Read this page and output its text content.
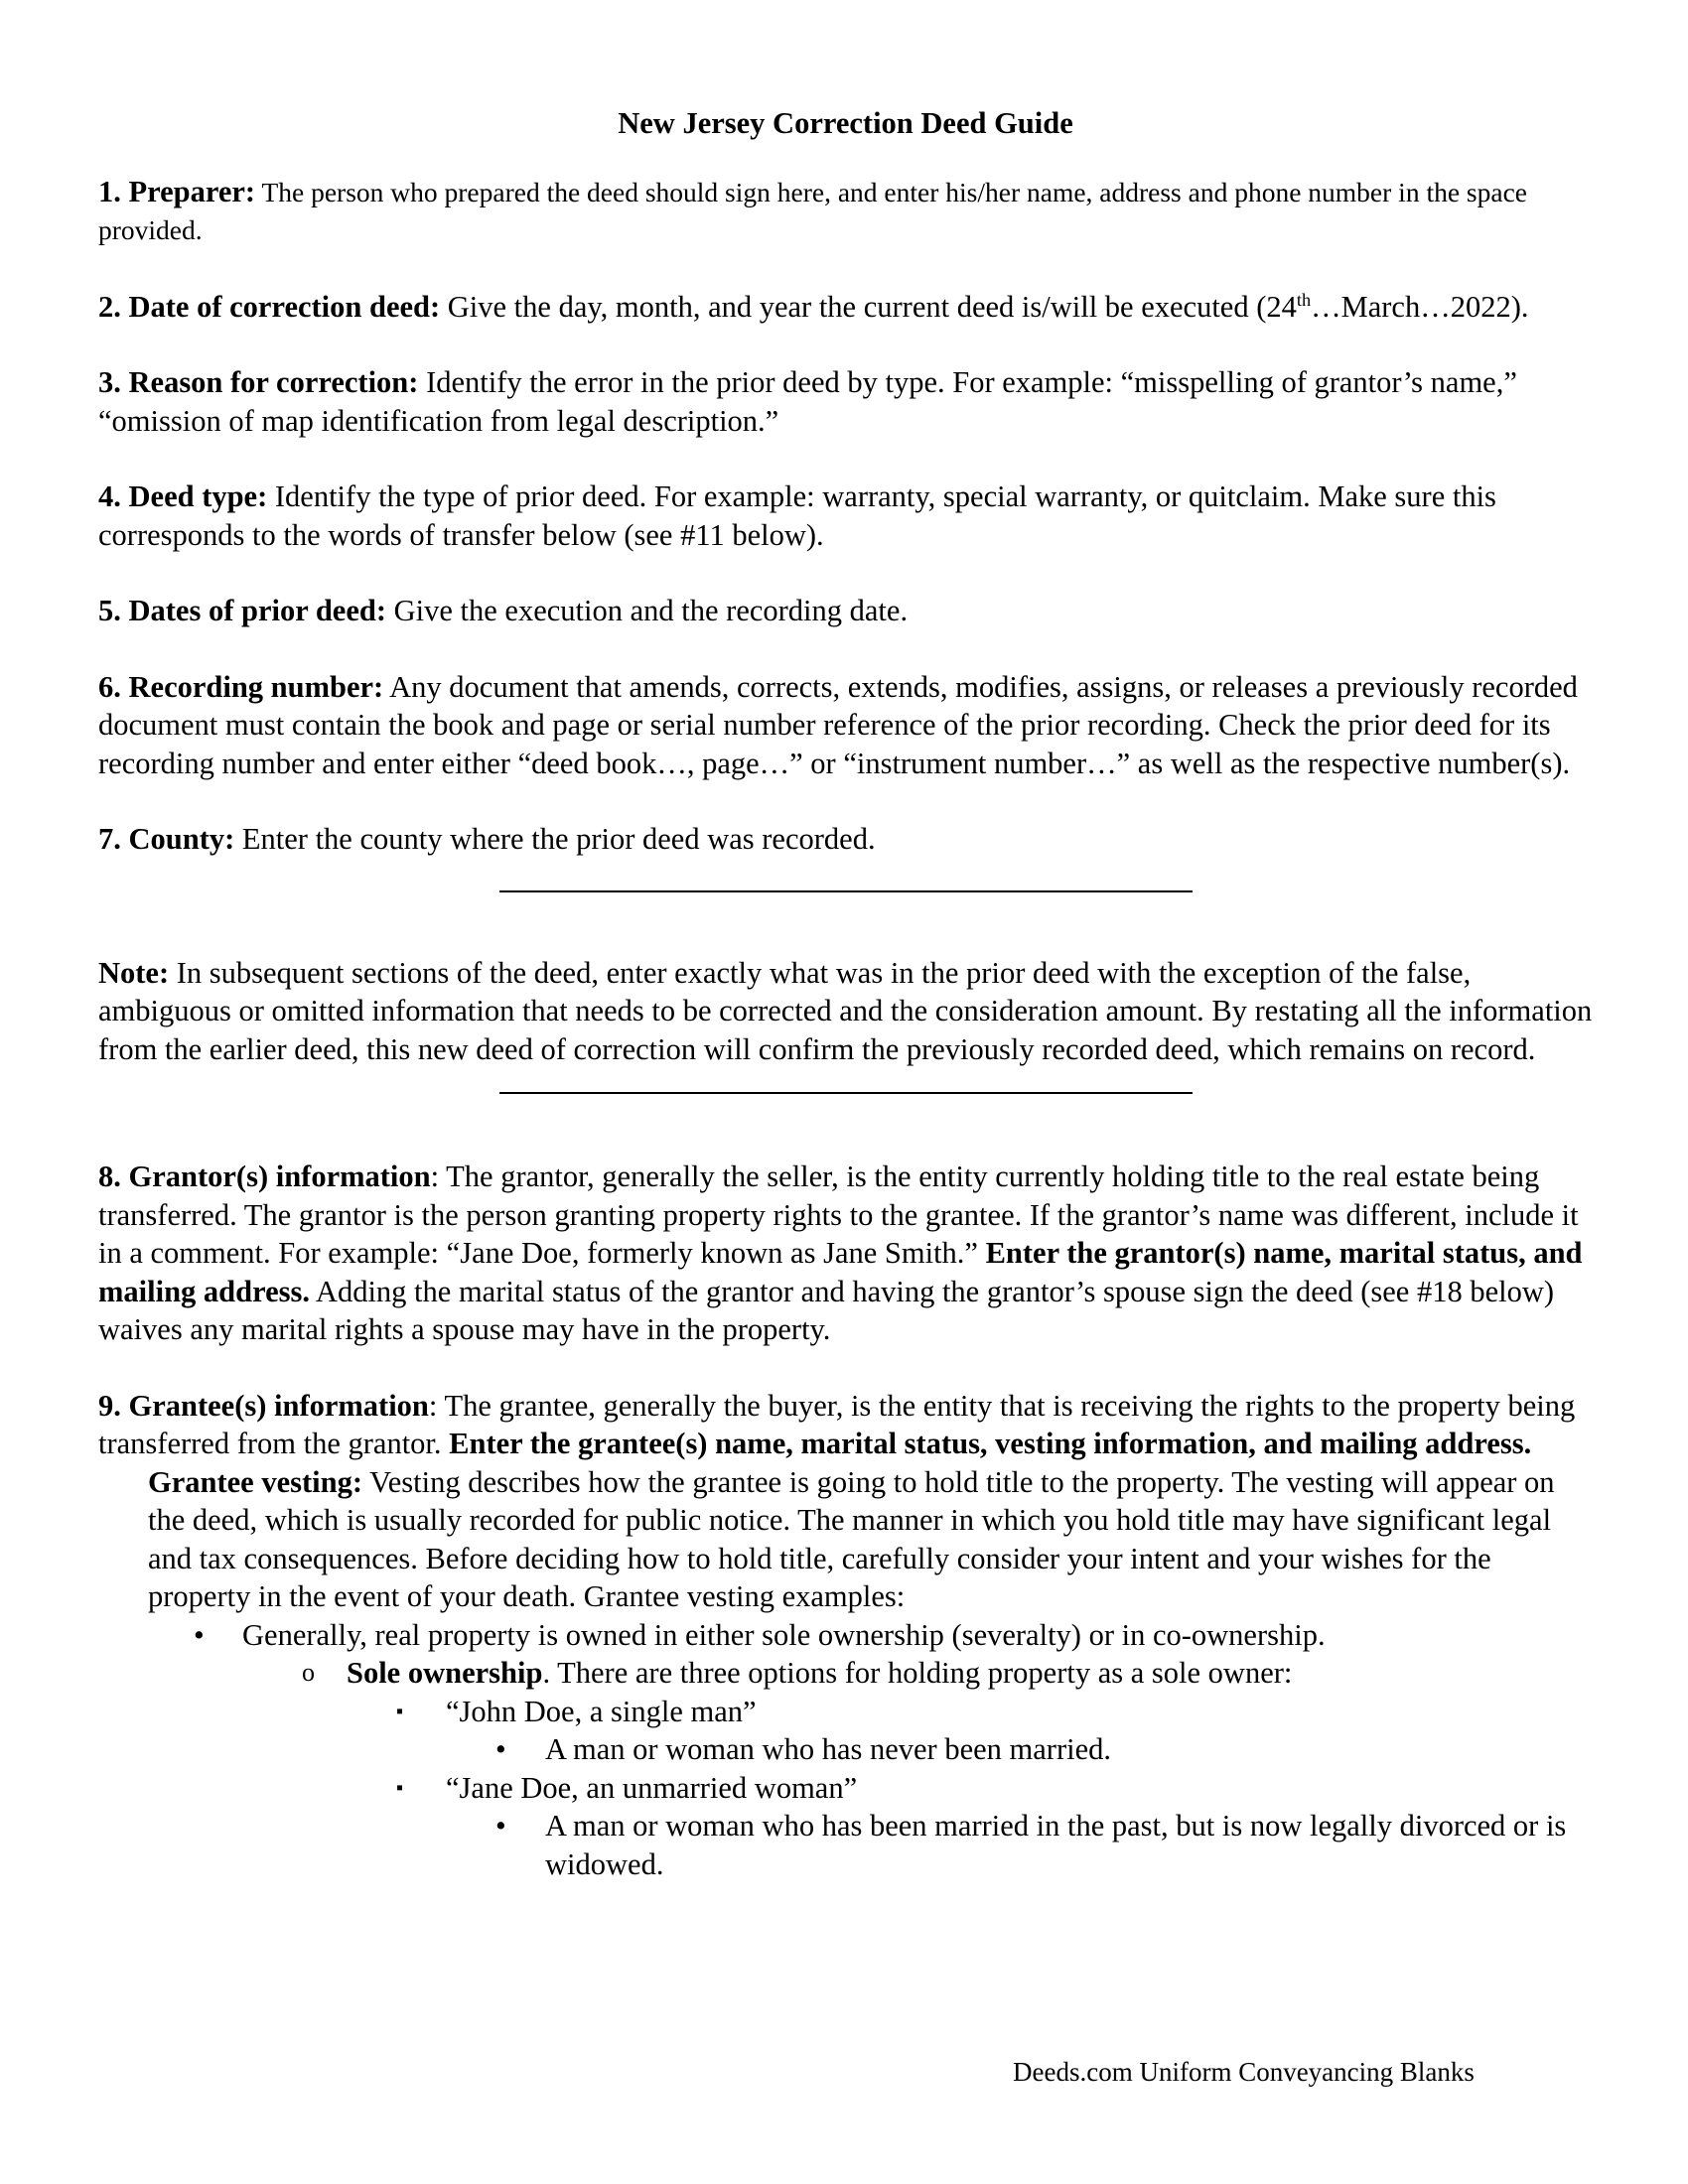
New Jersey Correction Deed Guide

1. Preparer: The person who prepared the deed should sign here, and enter his/her name, address and phone number in the space provided.

2. Date of correction deed: Give the day, month, and year the current deed is/will be executed (24th…March…2022).

3. Reason for correction: Identify the error in the prior deed by type. For example: “misspelling of grantor’s name,” “omission of map identification from legal description.”

4. Deed type: Identify the type of prior deed. For example: warranty, special warranty, or quitclaim. Make sure this corresponds to the words of transfer below (see #11 below).

5. Dates of prior deed: Give the execution and the recording date.

6. Recording number: Any document that amends, corrects, extends, modifies, assigns, or releases a previously recorded document must contain the book and page or serial number reference of the prior recording. Check the prior deed for its recording number and enter either “deed book…, page…” or “instrument number…” as well as the respective number(s).

7. County: Enter the county where the prior deed was recorded.

Note: In subsequent sections of the deed, enter exactly what was in the prior deed with the exception of the false, ambiguous or omitted information that needs to be corrected and the consideration amount. By restating all the information from the earlier deed, this new deed of correction will confirm the previously recorded deed, which remains on record.

8. Grantor(s) information: The grantor, generally the seller, is the entity currently holding title to the real estate being transferred. The grantor is the person granting property rights to the grantee. If the grantor’s name was different, include it in a comment. For example: “Jane Doe, formerly known as Jane Smith.” Enter the grantor(s) name, marital status, and mailing address. Adding the marital status of the grantor and having the grantor’s spouse sign the deed (see #18 below) waives any marital rights a spouse may have in the property.

9. Grantee(s) information: The grantee, generally the buyer, is the entity that is receiving the rights to the property being transferred from the grantor. Enter the grantee(s) name, marital status, vesting information, and mailing address.

Grantee vesting: Vesting describes how the grantee is going to hold title to the property. The vesting will appear on the deed, which is usually recorded for public notice. The manner in which you hold title may have significant legal and tax consequences. Before deciding how to hold title, carefully consider your intent and your wishes for the property in the event of your death. Grantee vesting examples:

• Generally, real property is owned in either sole ownership (severalty) or in co-ownership.
o Sole ownership. There are three options for holding property as a sole owner:
▪ “John Doe, a single man”
• A man or woman who has never been married.
▪ “Jane Doe, an unmarried woman”
• A man or woman who has been married in the past, but is now legally divorced or is widowed.
Deeds.com Uniform Conveyancing Blanks
